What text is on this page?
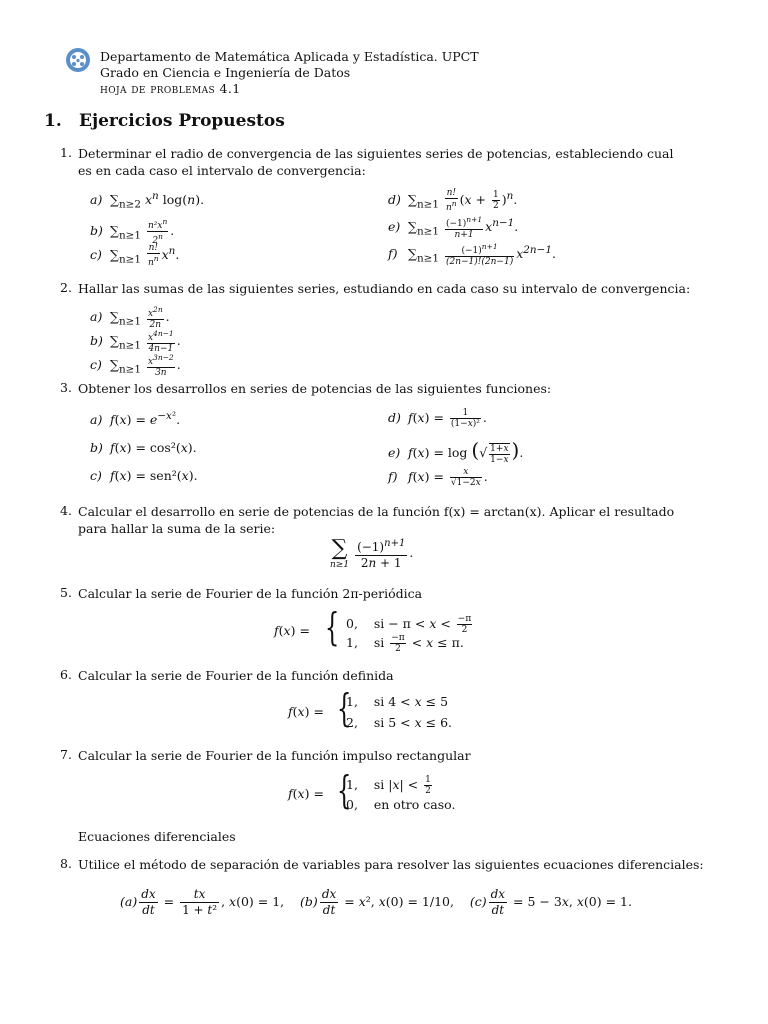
Departamento de Matemática Aplicada y Estadística. UPCT
Grado en Ciencia e Ingeniería de Datos
hoja de problemas 4.1
1. Ejercicios Propuestos
1. Determinar el radio de convergencia de las siguientes series de potencias, estableciendo cual es en cada caso el intervalo de convergencia:
a) $\sum_{n\ge 2}$ $x^n$ log(n).
b) $\sum_{n\ge 1} \frac{n^2x^n}{2^n}$ .
c) $\sum_{n\ge 1} \frac{n!}{n^n} x^n$.
d) $\sum_{n\ge 1} \frac{n!}{n^n} (x + \frac{1}{2} )^n$.
e) $\sum_{n\ge 1} \frac{(-1)^{n+1}}{n+1} x^{n-1}$.
f) $\sum_{n\ge 1} \frac{(-1)^{n+1}}{(2n-1)!(2n-1)} x^{2n-1}$.
2. Hallar las sumas de las siguientes series, estudiando en cada caso su intervalo de convergencia:
a) $\sum_{n\ge 1} \frac{x^{2n}}{2n}$ .
b) $\sum_{n\ge 1} \frac{x^{4n-1}}{4n-1}$ .
c) $\sum_{n\ge 1} \frac{x^{3n-2}}{3n}$ .
3. Obtener los desarrollos en series de potencias de las siguientes funciones:
a) $f(x) = e^{-x^2}$.
b) f(x) = cos²(x).
c) f(x) = sen²(x).
d) $f(x) = \frac{1}{\text{(1−x)²}}$ .
e) f(x) = log (√ $\frac{1+x}{1-x}$ ).
f) $f(x) = \frac{x}{√1-2x}$ .
4. Calcular el desarrollo en serie de potencias de la función f(x) = arctan(x). Aplicar el resultado para hallar la suma de la serie:
∑
n≥1
$\frac{(-1)^{n+1}}{2n + 1}$ .
5. Calcular la serie de Fourier de la función 2π-periódica
f(x) = { 0,    si − $\pi < x < \frac{-\pi}{2}$
1,    si $\frac{-\pi}{2} < x \le \pi$.
6. Calcular la serie de Fourier de la función definida
f(x) = {
1,    si 4 < x ≤ 5
2,    si 5 < x ≤ 6.
7. Calcular la serie de Fourier de la función impulso rectangular
f(x) = {
1,    si $|x| < \frac{1}{2}$
0,    en otro caso.
Ecuaciones diferenciales
8. Utilice el método de separación de variables para resolver las siguientes ecuaciones diferenciales:
$(a) \frac{dx}{dt} = \frac{tx}{\text{1 + t²}}$ , x(0) = 1, $(b) \frac{dx}{dt} = x^2$, x(0) = 1/10, $(c) \frac{dx}{dt} = 5 - 3x$, x(0) = 1.
